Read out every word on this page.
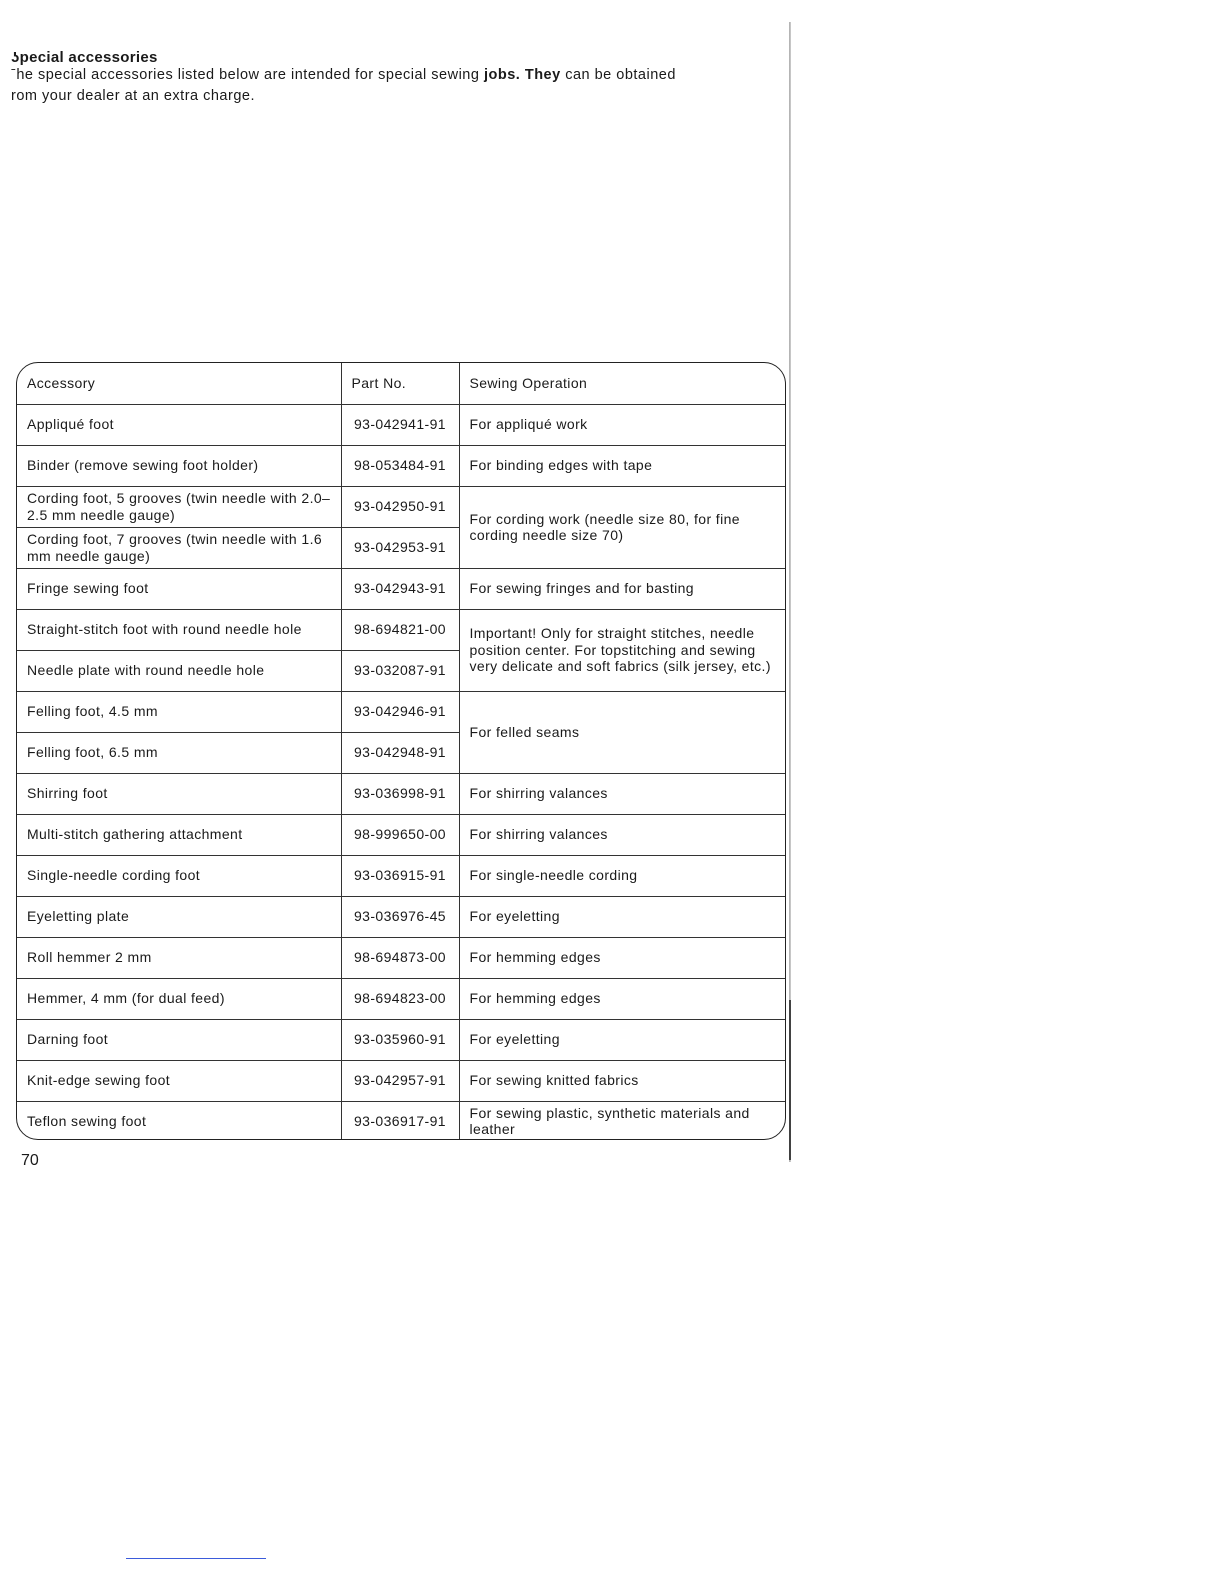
ʖpecial accessories
ˉhe special accessories listed below are intended for special sewing jobs. They can be obtained
rom your dealer at an extra charge.
Accessory	Part No.	Sewing Operation
Appliqué foot	93-042941-91	For appliqué work
Binder (remove sewing foot holder)	98-053484-91	For binding edges with tape
Cording foot, 5 grooves (twin needle with 2.0–2.5 mm needle gauge)	93-042950-91	For cording work (needle size 80, for fine cording needle size 70)
Cording foot, 7 grooves (twin needle with 1.6 mm needle gauge)	93-042953-91	
Fringe sewing foot	93-042943-91	For sewing fringes and for basting
Straight-stitch foot with round needle hole	98-694821-00	Important! Only for straight stitches, needle position center. For topstitching and sewing very delicate and soft fabrics (silk jersey, etc.)
Needle plate with round needle hole	93-032087-91	
Felling foot, 4.5 mm	93-042946-91	For felled seams
Felling foot, 6.5 mm	93-042948-91	
Shirring foot	93-036998-91	For shirring valances
Multi-stitch gathering attachment	98-999650-00	For shirring valances
Single-needle cording foot	93-036915-91	For single-needle cording
Eyeletting plate	93-036976-45	For eyeletting
Roll hemmer 2 mm	98-694873-00	For hemming edges
Hemmer, 4 mm (for dual feed)	98-694823-00	For hemming edges
Darning foot	93-035960-91	For eyeletting
Knit-edge sewing foot	93-042957-91	For sewing knitted fabrics
Teflon sewing foot	93-036917-91	For sewing plastic, synthetic materials and leather
70
